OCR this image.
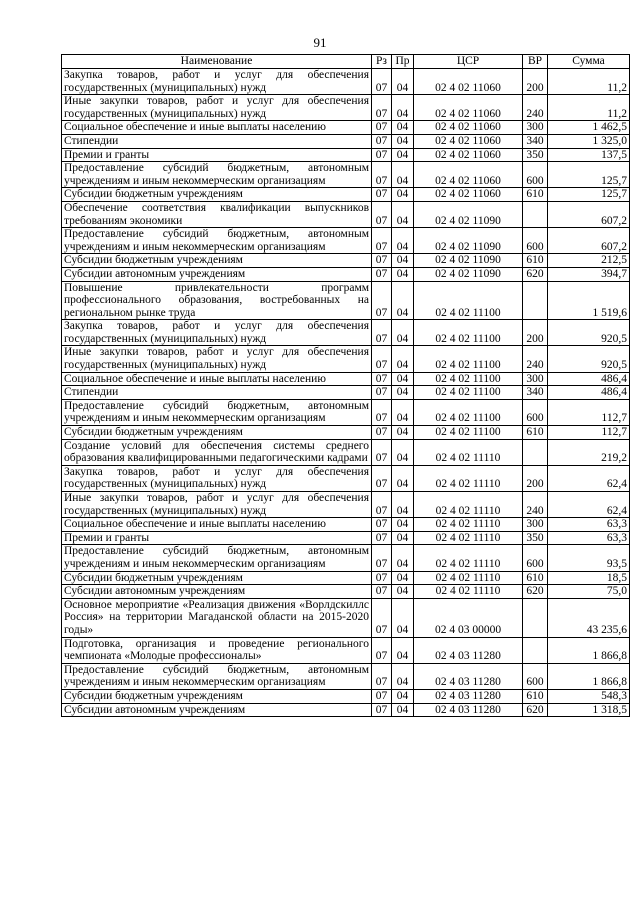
91
Наименование	Рз	Пр	ЦСР	ВР	Сумма
Закупка товаров, работ и услуг для обеспечения государственных (муниципальных) нужд	07	04	02 4 02 11060	200	11,2
Иные закупки товаров, работ и услуг для обеспечения государственных (муниципальных) нужд	07	04	02 4 02 11060	240	11,2
Социальное обеспечение и иные выплаты населению	07	04	02 4 02 11060	300	1 462,5
Стипендии	07	04	02 4 02 11060	340	1 325,0
Премии и гранты	07	04	02 4 02 11060	350	137,5
Предоставление субсидий бюджетным, автономным учреждениям и иным некоммерческим организациям	07	04	02 4 02 11060	600	125,7
Субсидии бюджетным учреждениям	07	04	02 4 02 11060	610	125,7
Обеспечение соответствия квалификации выпускников требованиям экономики	07	04	02 4 02 11090		607,2
Предоставление субсидий бюджетным, автономным учреждениям и иным некоммерческим организациям	07	04	02 4 02 11090	600	607,2
Субсидии бюджетным учреждениям	07	04	02 4 02 11090	610	212,5
Субсидии автономным учреждениям	07	04	02 4 02 11090	620	394,7
Повышение привлекательности программ профессионального образования, востребованных на региональном рынке труда	07	04	02 4 02 11100		1 519,6
Закупка товаров, работ и услуг для обеспечения государственных (муниципальных) нужд	07	04	02 4 02 11100	200	920,5
Иные закупки товаров, работ и услуг для обеспечения государственных (муниципальных) нужд	07	04	02 4 02 11100	240	920,5
Социальное обеспечение и иные выплаты населению	07	04	02 4 02 11100	300	486,4
Стипендии	07	04	02 4 02 11100	340	486,4
Предоставление субсидий бюджетным, автономным учреждениям и иным некоммерческим организациям	07	04	02 4 02 11100	600	112,7
Субсидии бюджетным учреждениям	07	04	02 4 02 11100	610	112,7
Создание условий для обеспечения системы среднего образования квалифицированными педагогическими кадрами	07	04	02 4 02 11110		219,2
Закупка товаров, работ и услуг для обеспечения государственных (муниципальных) нужд	07	04	02 4 02 11110	200	62,4
Иные закупки товаров, работ и услуг для обеспечения государственных (муниципальных) нужд	07	04	02 4 02 11110	240	62,4
Социальное обеспечение и иные выплаты населению	07	04	02 4 02 11110	300	63,3
Премии и гранты	07	04	02 4 02 11110	350	63,3
Предоставление субсидий бюджетным, автономным учреждениям и иным некоммерческим организациям	07	04	02 4 02 11110	600	93,5
Субсидии бюджетным учреждениям	07	04	02 4 02 11110	610	18,5
Субсидии автономным учреждениям	07	04	02 4 02 11110	620	75,0
Основное мероприятие «Реализация движения «Ворлдскиллс Россия» на территории Магаданской области на 2015-2020 годы»	07	04	02 4 03 00000		43 235,6
Подготовка, организация и проведение регионального чемпионата «Молодые профессионалы»	07	04	02 4 03 11280		1 866,8
Предоставление субсидий бюджетным, автономным учреждениям и иным некоммерческим организациям	07	04	02 4 03 11280	600	1 866,8
Субсидии бюджетным учреждениям	07	04	02 4 03 11280	610	548,3
Субсидии автономным учреждениям	07	04	02 4 03 11280	620	1 318,5
